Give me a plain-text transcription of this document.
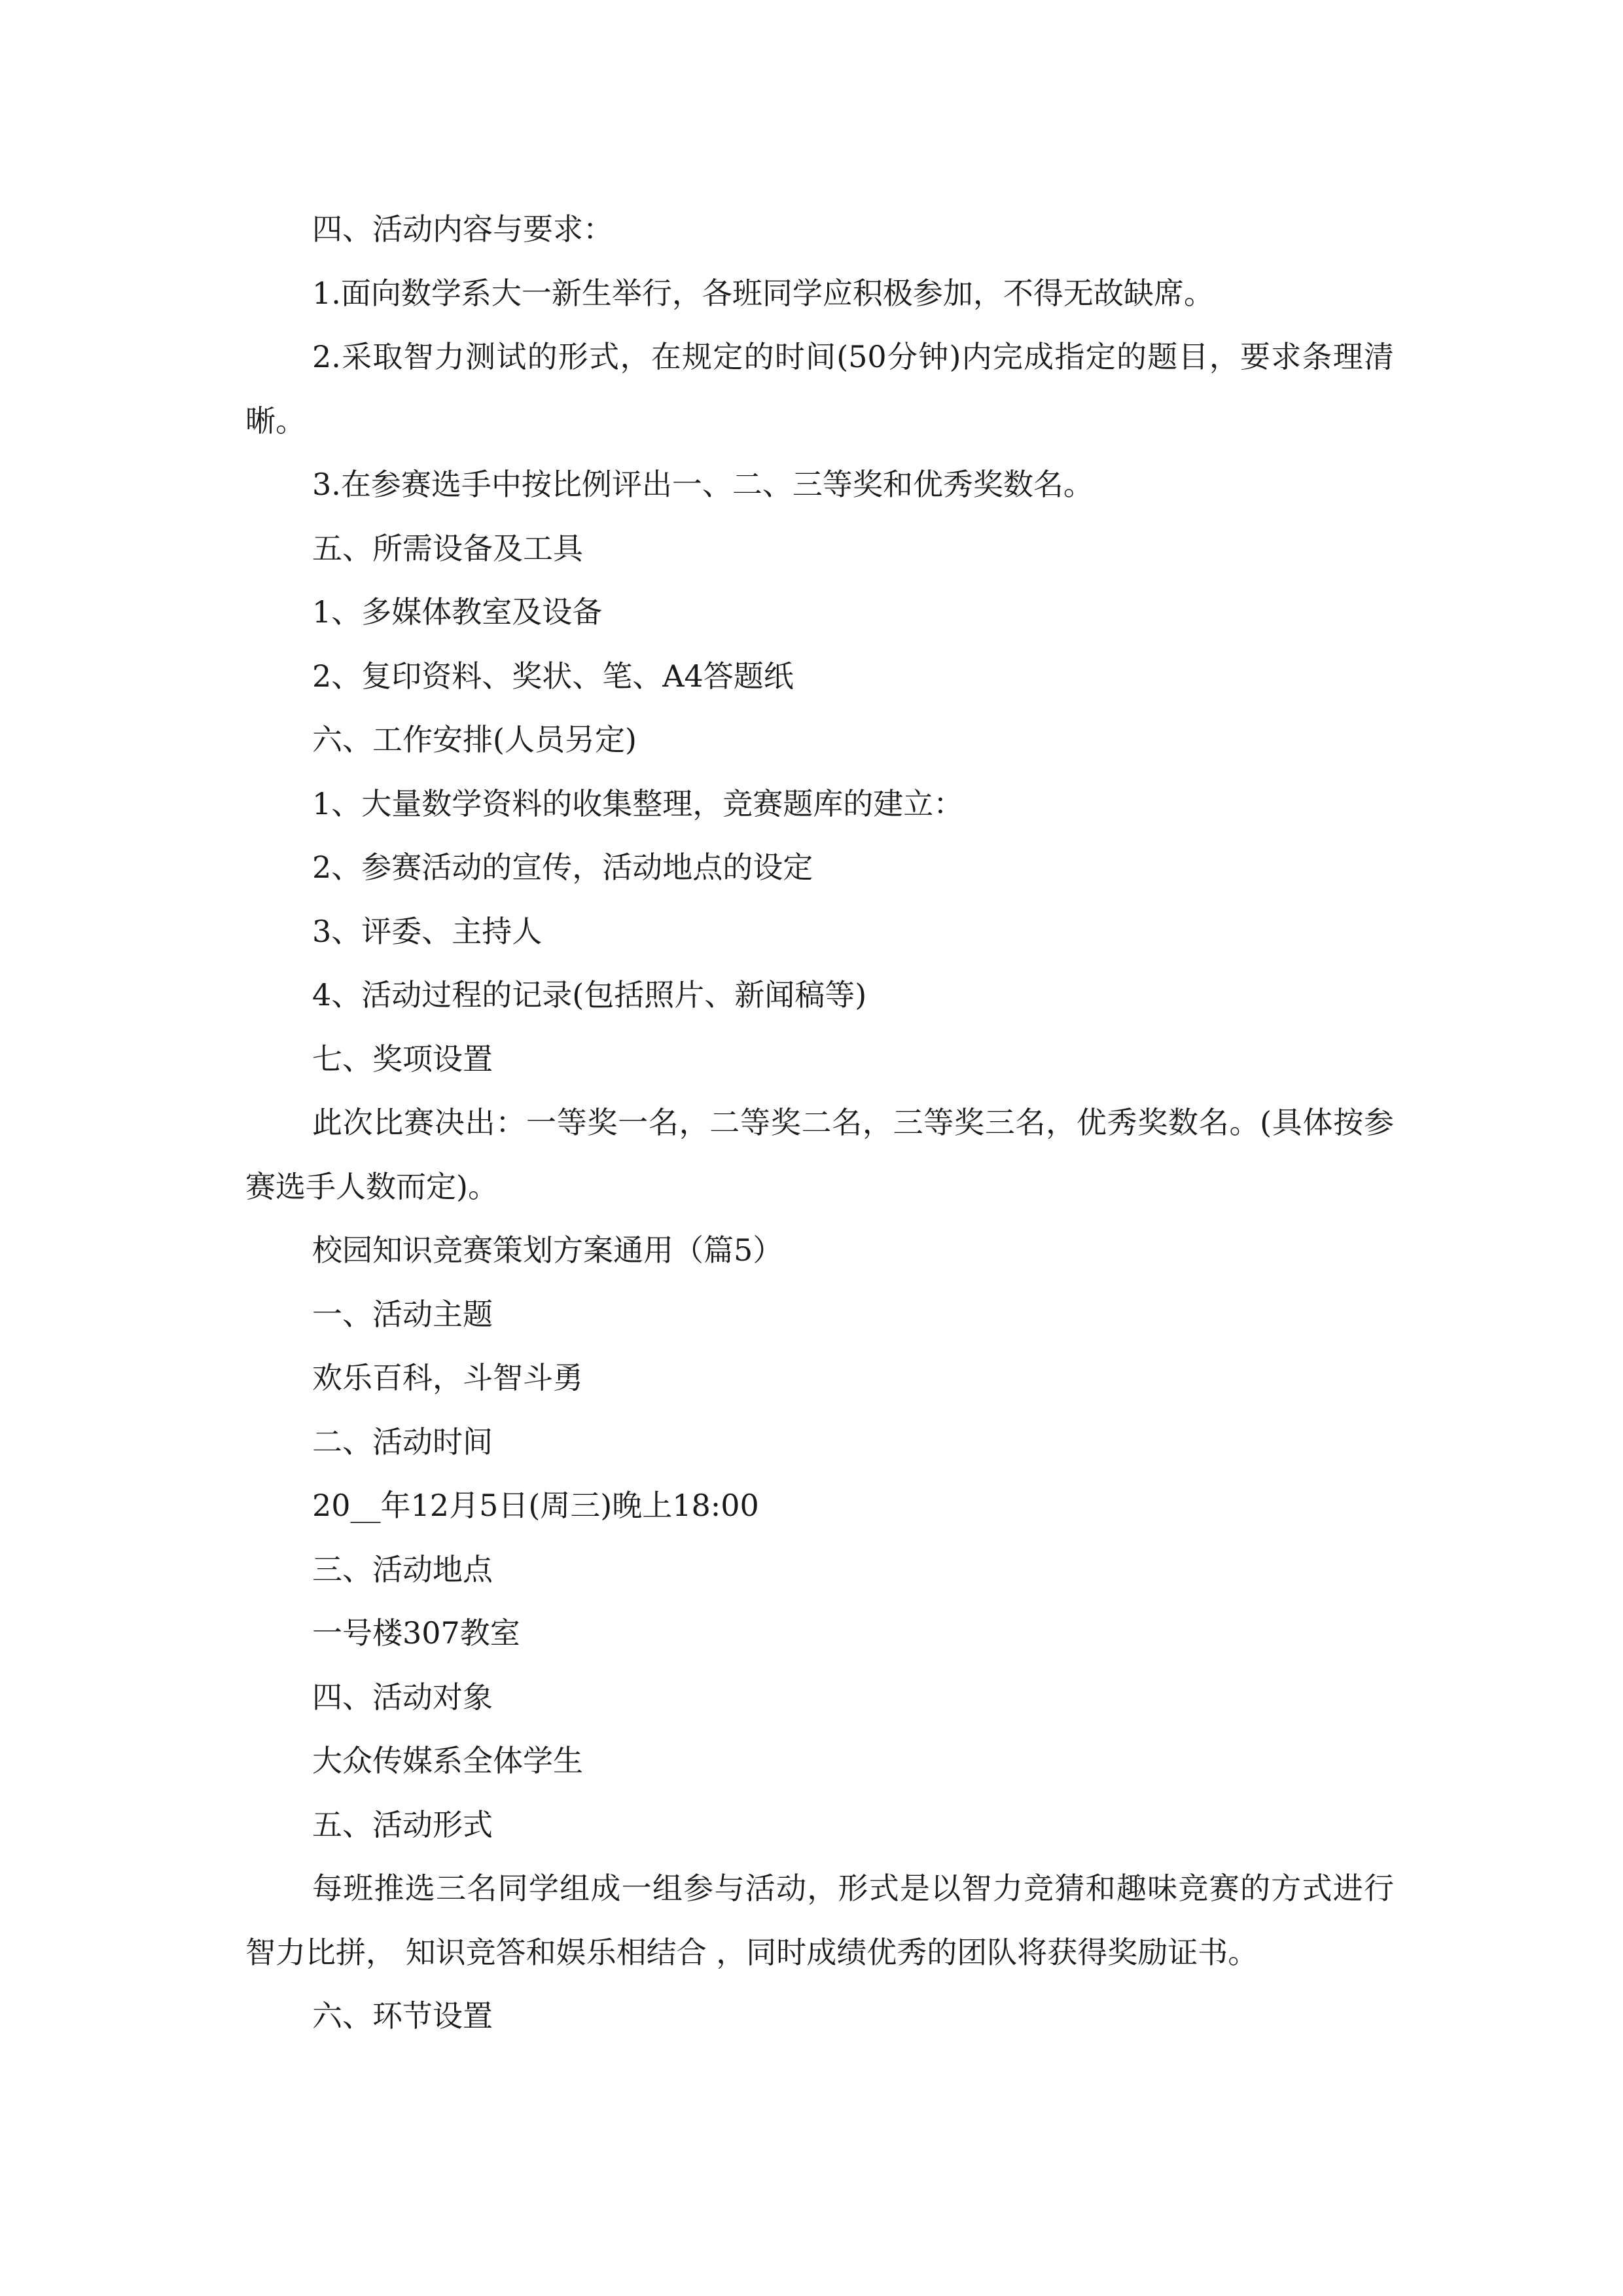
四、活动内容与要求：

1.面向数学系大一新生举行，各班同学应积极参加，不得无故缺席。

2.采取智力测试的形式，在规定的时间(50分钟)内完成指定的题目，要求条理清晰。

3.在参赛选手中按比例评出一、二、三等奖和优秀奖数名。

五、所需设备及工具

1、多媒体教室及设备

2、复印资料、奖状、笔、A4答题纸

六、工作安排(人员另定)

1、大量数学资料的收集整理，竞赛题库的建立：

2、参赛活动的宣传，活动地点的设定

3、评委、主持人

4、活动过程的记录(包括照片、新闻稿等)

七、奖项设置

此次比赛决出：一等奖一名，二等奖二名，三等奖三名，优秀奖数名。(具体按参赛选手人数而定)。

校园知识竞赛策划方案通用（篇5）

一、活动主题

欢乐百科，斗智斗勇

二、活动时间

20__年12月5日(周三)晚上18:00

三、活动地点

一号楼307教室

四、活动对象

大众传媒系全体学生

五、活动形式

每班推选三名同学组成一组参与活动，形式是以智力竞猜和趣味竞赛的方式进行智力比拼， 知识竞答和娱乐相结合 ，同时成绩优秀的团队将获得奖励证书。

六、环节设置
